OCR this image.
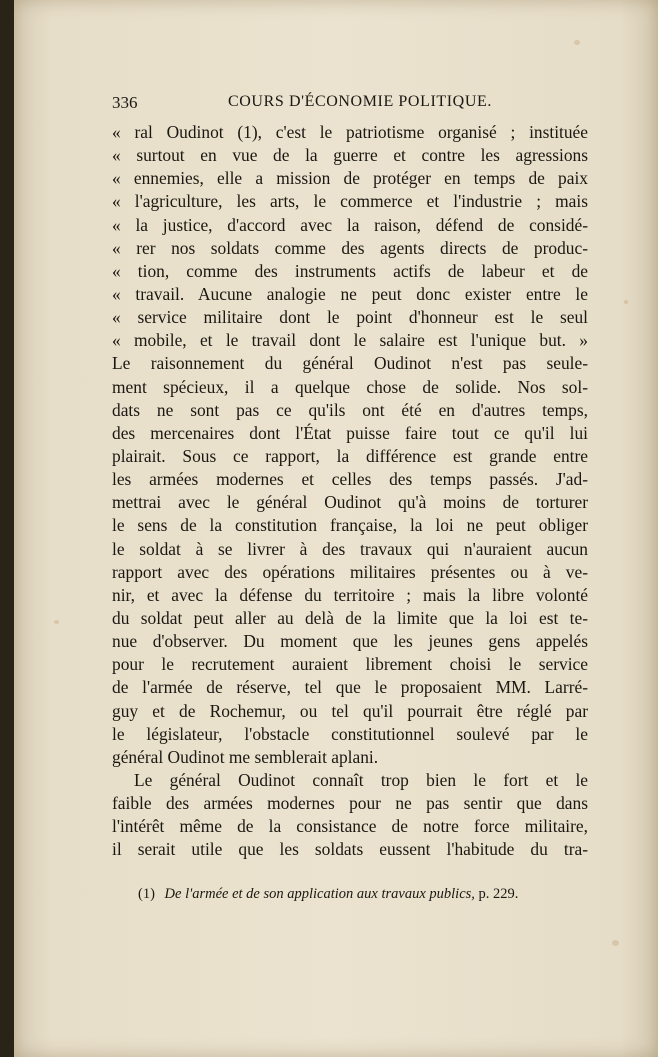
336	COURS D'ÉCONOMIE POLITIQUE.
« ral Oudinot (1), c'est le patriotisme organisé ; instituée
« surtout en vue de la guerre et contre les agressions
« ennemies, elle a mission de protéger en temps de paix
« l'agriculture, les arts, le commerce et l'industrie ; mais
« la justice, d'accord avec la raison, défend de considé-
« rer nos soldats comme des agents directs de produc-
« tion, comme des instruments actifs de labeur et de
« travail. Aucune analogie ne peut donc exister entre le
« service militaire dont le point d'honneur est le seul
« mobile, et le travail dont le salaire est l'unique but. »
Le raisonnement du général Oudinot n'est pas seule-
ment spécieux, il a quelque chose de solide. Nos sol-
dats ne sont pas ce qu'ils ont été en d'autres temps,
des mercenaires dont l'État puisse faire tout ce qu'il lui
plairait. Sous ce rapport, la différence est grande entre
les armées modernes et celles des temps passés. J'ad-
mettrai avec le général Oudinot qu'à moins de torturer
le sens de la constitution française, la loi ne peut obliger
le soldat à se livrer à des travaux qui n'auraient aucun
rapport avec des opérations militaires présentes ou à ve-
nir, et avec la défense du territoire ; mais la libre volonté
du soldat peut aller au delà de la limite que la loi est te-
nue d'observer. Du moment que les jeunes gens appelés
pour le recrutement auraient librement choisi le service
de l'armée de réserve, tel que le proposaient MM. Larré-
guy et de Rochemur, ou tel qu'il pourrait être réglé par
le législateur, l'obstacle constitutionnel soulevé par le
général Oudinot me semblerait aplani.
Le général Oudinot connaît trop bien le fort et le
faible des armées modernes pour ne pas sentir que dans
l'intérêt même de la consistance de notre force militaire,
il serait utile que les soldats eussent l'habitude du tra-
(1) De l'armée et de son application aux travaux publics, p. 229.
